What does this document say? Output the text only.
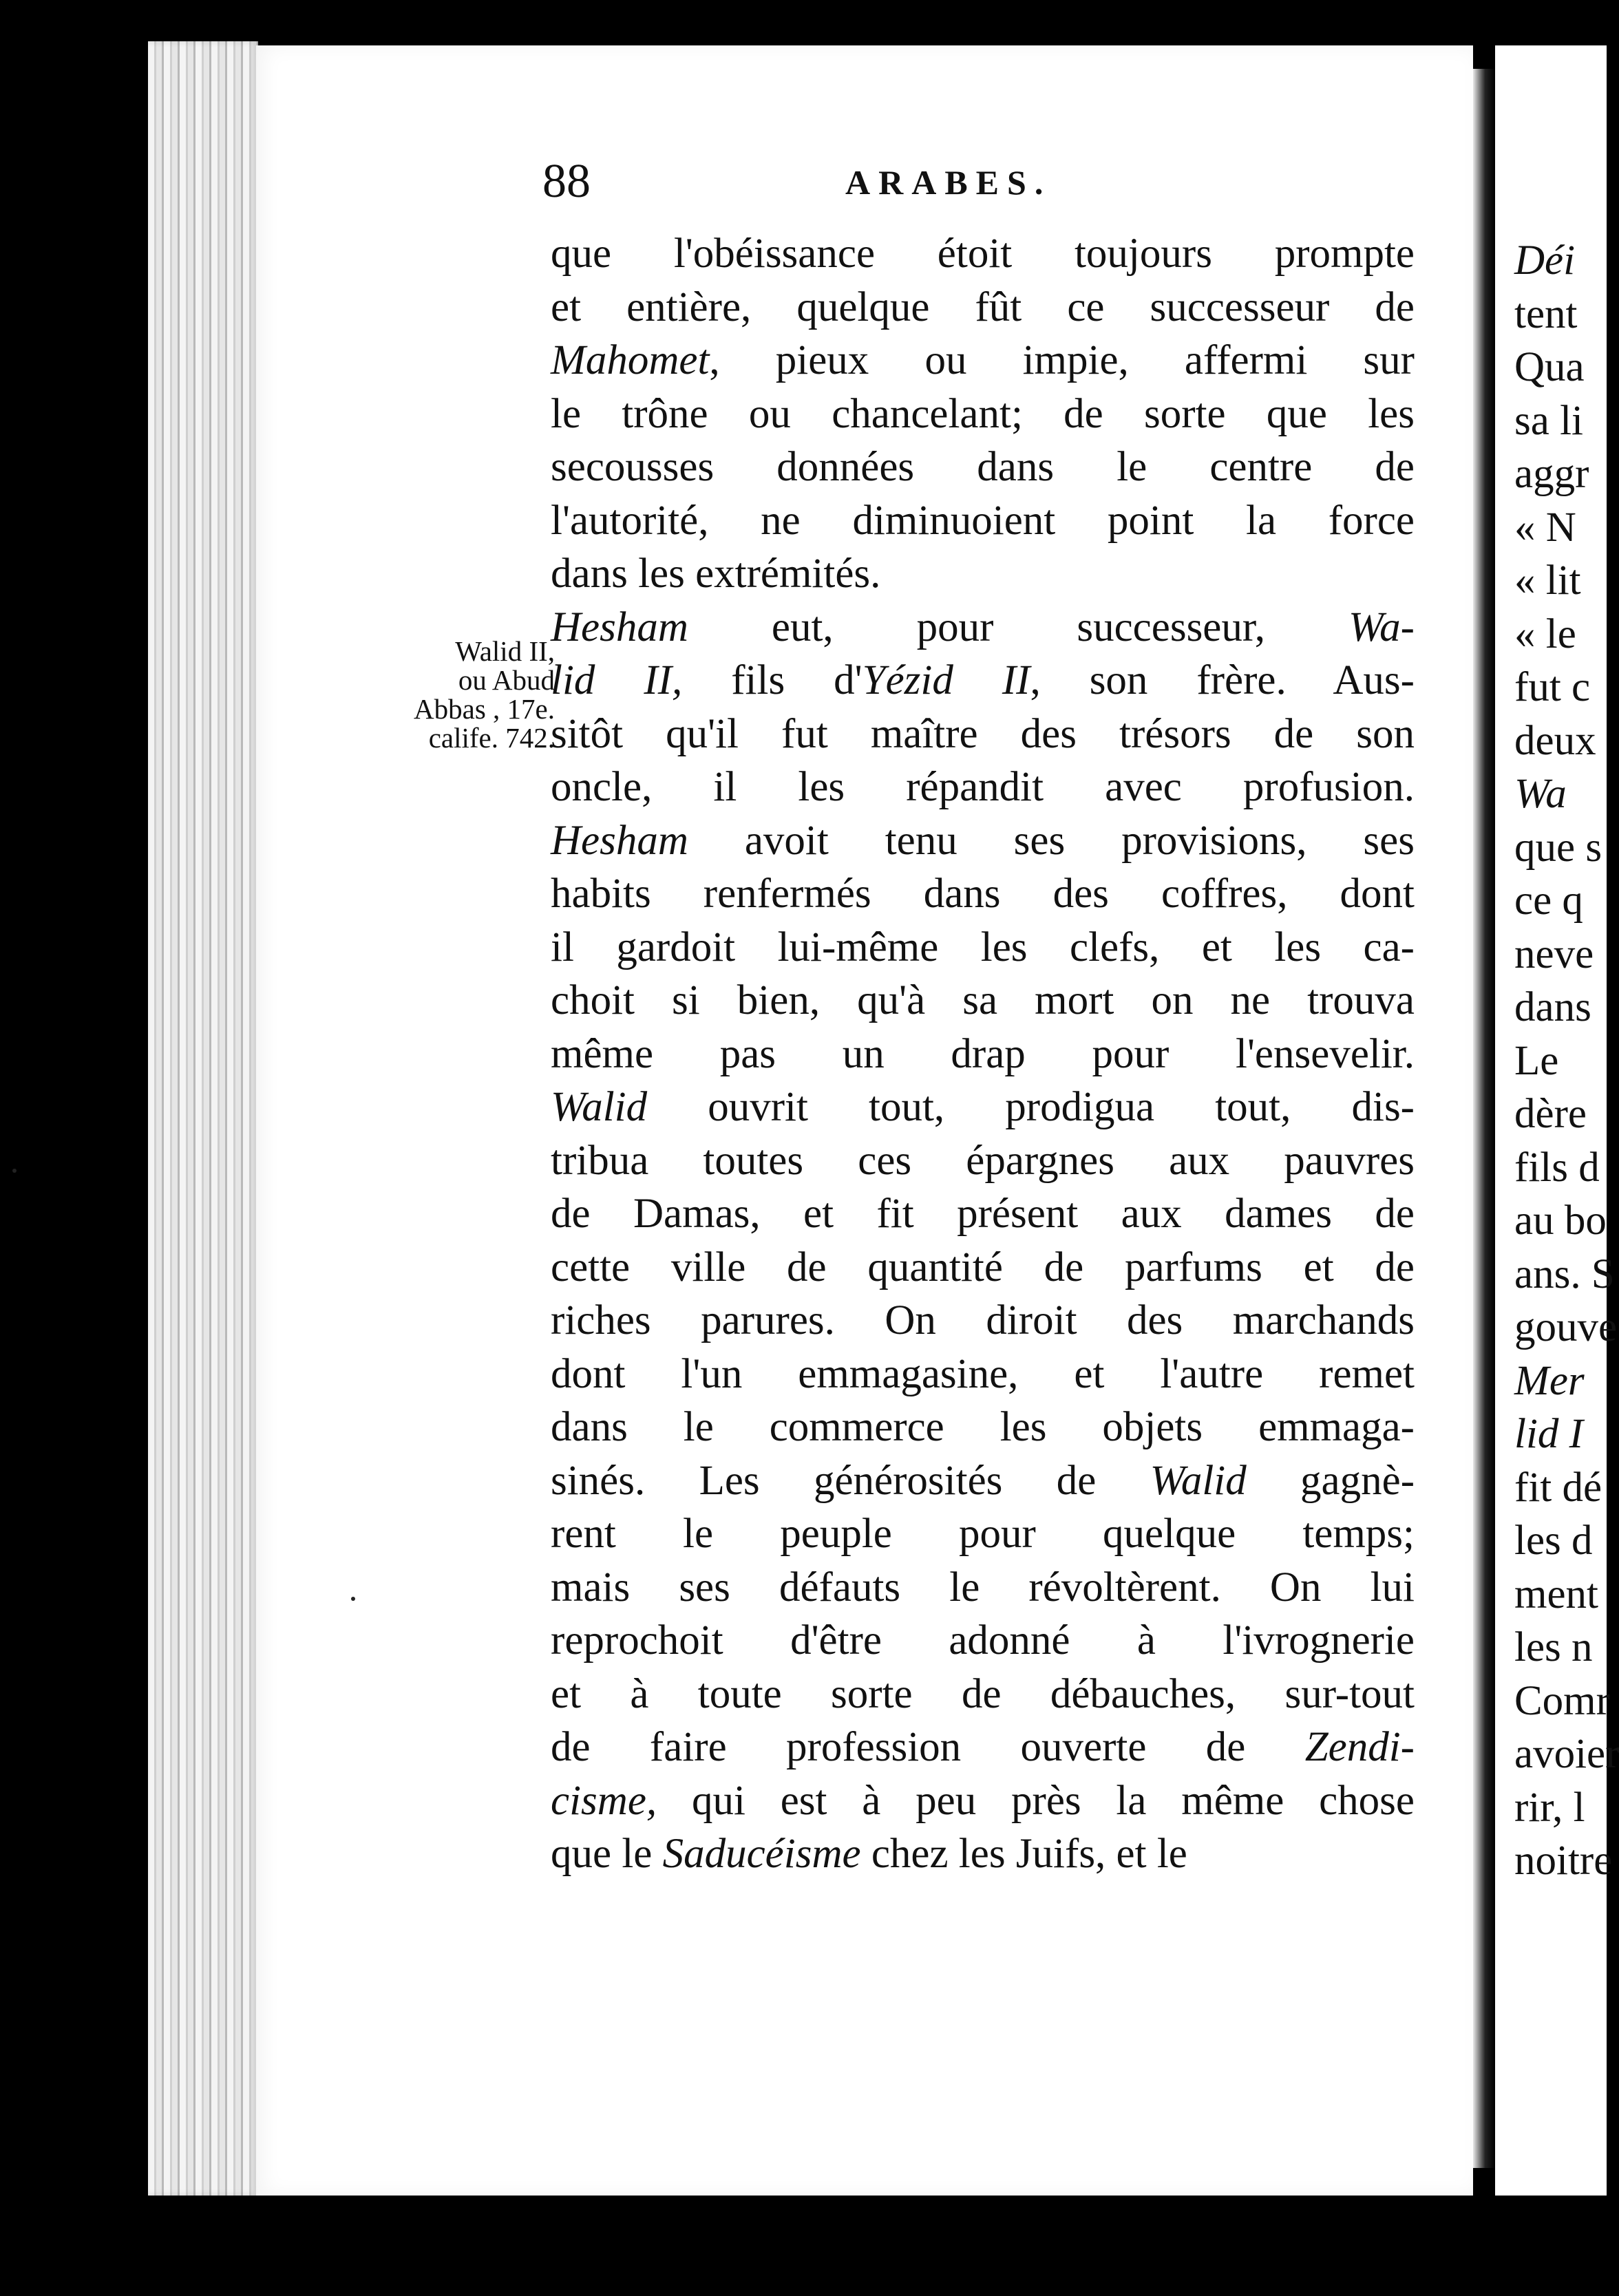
88	ARABES.
Walid II,
ou Abud
Abbas , 17e.
calife. 742.
que l'obéissance étoit toujours prompte
et entière, quelque fût ce successeur de
Mahomet, pieux ou impie, affermi sur
le trône ou chancelant; de sorte que les
secousses données dans le centre de
l'autorité, ne diminuoient point la force
dans les extrémités.
Hesham eut, pour successeur, Wa-
lid II, fils d'Yézid II, son frère. Aus-
sitôt qu'il fut maître des trésors de son
oncle, il les répandit avec profusion.
Hesham avoit tenu ses provisions, ses
habits renfermés dans des coffres, dont
il gardoit lui-même les clefs, et les ca-
choit si bien, qu'à sa mort on ne trouva
même pas un drap pour l'ensevelir.
Walid ouvrit tout, prodigua tout, dis-
tribua toutes ces épargnes aux pauvres
de Damas, et fit présent aux dames de
cette ville de quantité de parfums et de
riches parures. On diroit des marchands
dont l'un emmagasine, et l'autre remet
dans le commerce les objets emmaga-
sinés. Les générosités de Walid gagnè-
rent le peuple pour quelque temps;
mais ses défauts le révoltèrent. On lui
reprochoit d'être adonné à l'ivrognerie
et à toute sorte de débauches, sur-tout
de faire profession ouverte de Zendi-
cisme, qui est à peu près la même chose
que le Saducéisme chez les Juifs, et le
Déi
tent
Qua
sa li
aggr
« N
« lit
« le
fut c
deux
Wa
que s
ce q
neve
dans
Le
dère
fils d
au bo
ans. S
gouve
Mer
lid I
fit dé
les d
ment
les n
Comr
avoier
rir, l
noitre
